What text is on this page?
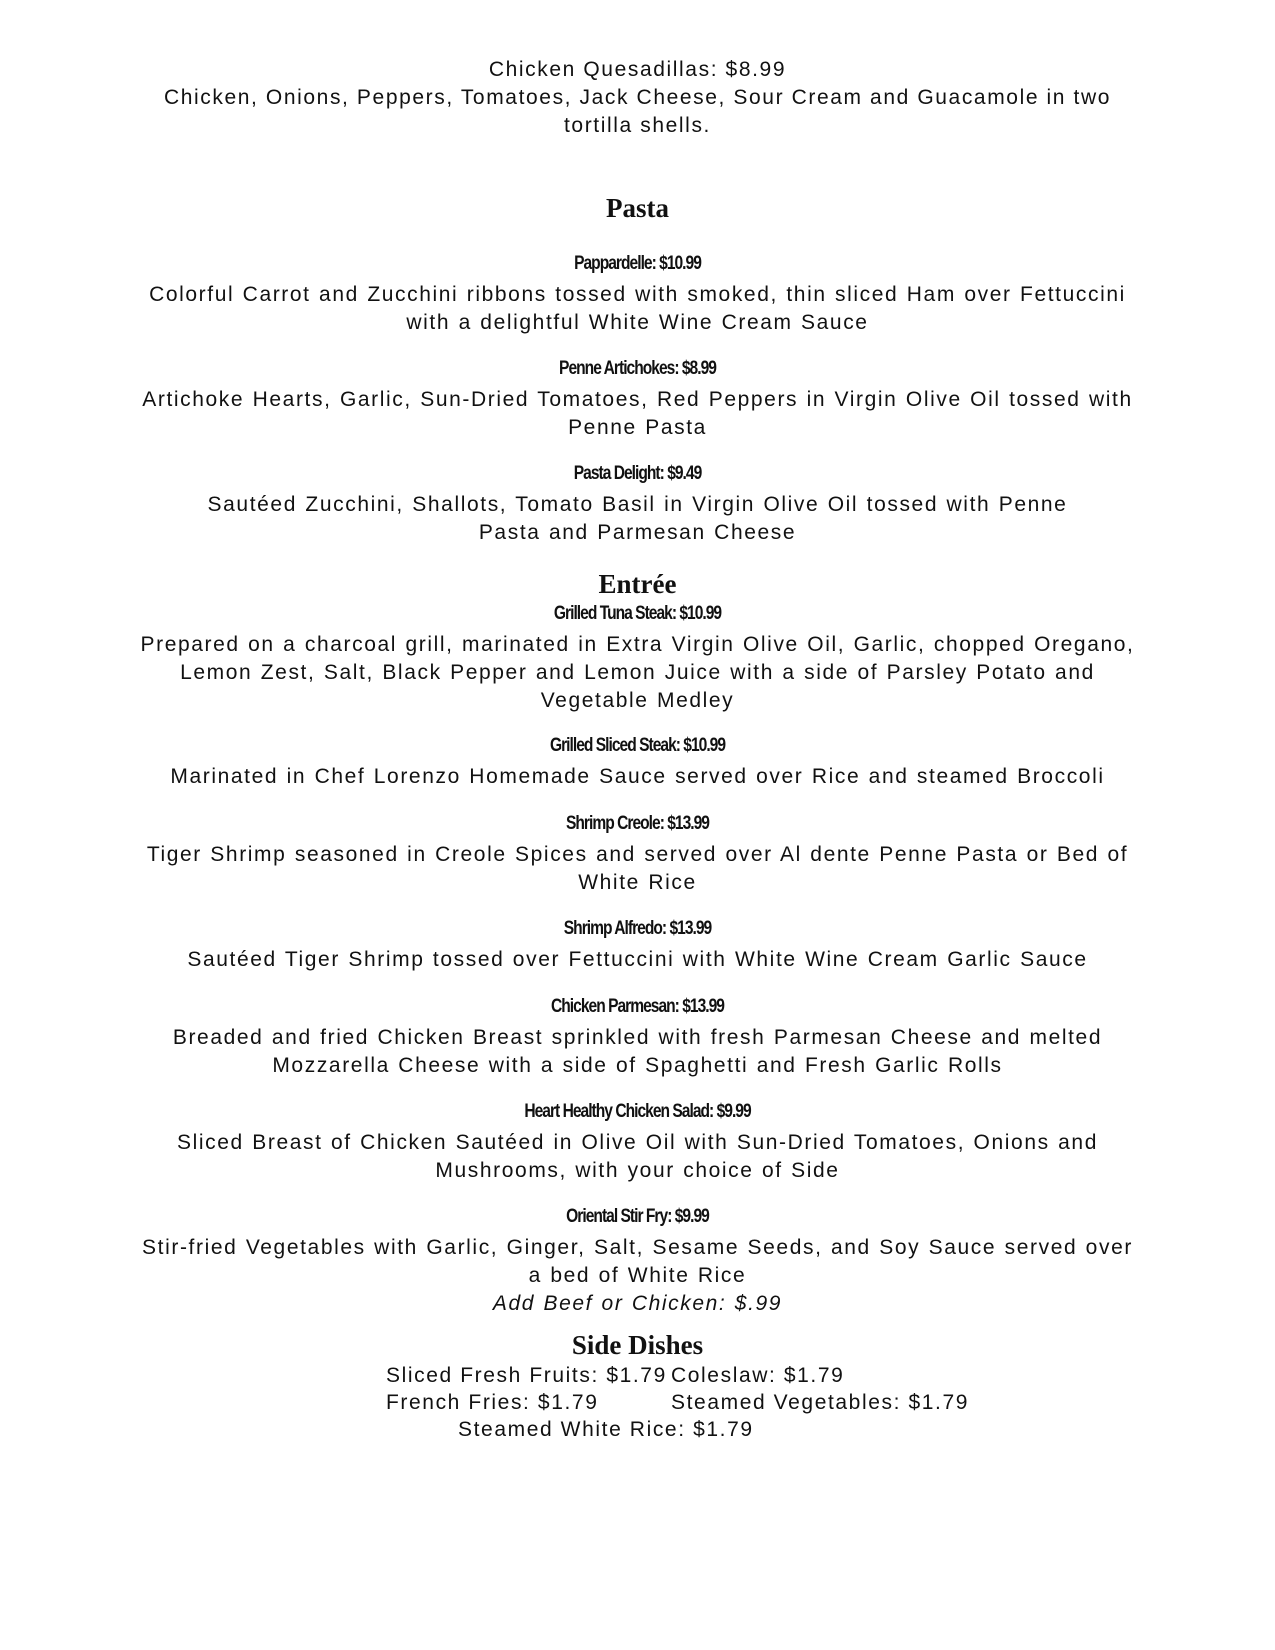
Chicken Quesadillas: $8.99
Chicken, Onions, Peppers, Tomatoes, Jack Cheese, Sour Cream and Guacamole in two tortilla shells.
Pasta
Pappardelle: $10.99
Colorful Carrot and Zucchini ribbons tossed with smoked, thin sliced Ham over Fettuccini with a delightful White Wine Cream Sauce
Penne Artichokes: $8.99
Artichoke Hearts, Garlic, Sun-Dried Tomatoes, Red Peppers in Virgin Olive Oil tossed with Penne Pasta
Pasta Delight: $9.49
Sautéed Zucchini, Shallots, Tomato Basil in Virgin Olive Oil tossed with Penne Pasta and Parmesan Cheese
Entrée
Grilled Tuna Steak: $10.99
Prepared on a charcoal grill, marinated in Extra Virgin Olive Oil, Garlic, chopped Oregano, Lemon Zest, Salt, Black Pepper and Lemon Juice with a side of Parsley Potato and Vegetable Medley
Grilled Sliced Steak: $10.99
Marinated in Chef Lorenzo Homemade Sauce served over Rice and steamed Broccoli
Shrimp Creole: $13.99
Tiger Shrimp seasoned in Creole Spices and served over Al dente Penne Pasta or Bed of White Rice
Shrimp Alfredo: $13.99
Sautéed Tiger Shrimp tossed over Fettuccini with White Wine Cream Garlic Sauce
Chicken Parmesan: $13.99
Breaded and fried Chicken Breast sprinkled with fresh Parmesan Cheese and melted Mozzarella Cheese with a side of Spaghetti and Fresh Garlic Rolls
Heart Healthy Chicken Salad: $9.99
Sliced Breast of Chicken Sautéed in Olive Oil with Sun-Dried Tomatoes, Onions and Mushrooms, with your choice of Side
Oriental Stir Fry: $9.99
Stir-fried Vegetables with Garlic, Ginger, Salt, Sesame Seeds, and Soy Sauce served over a bed of White Rice
Add Beef or Chicken: $.99
Side Dishes
Sliced Fresh Fruits: $1.79 Coleslaw: $1.79
French Fries: $1.79	Steamed Vegetables: $1.79
Steamed White Rice: $1.79
